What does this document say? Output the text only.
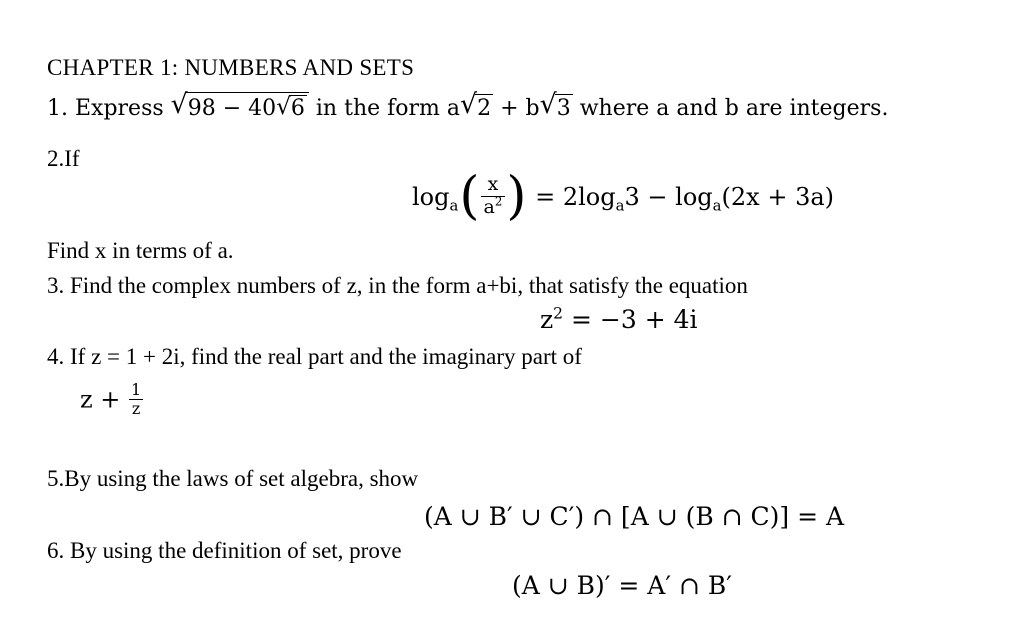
CHAPTER 1: NUMBERS AND SETS
1. Express √98 − 40√6 in the form a√2 + b√3 where a and b are integers.
2.If
$\log_a( \frac{x}{a^2}$ ) = $2\log_a3 - \log_a(2x + 3a)$
Find x in terms of a.
3. Find the complex numbers of z, in the form a+bi, that satisfy the equation
$z^2 = -3 + 4i$
4. If z = 1 + 2i, find the real part and the imaginary part of
$z + \frac{1}{z}$
5.By using the laws of set algebra, show
(A ∪ B′ ∪ C′) ∩ [A ∪ (B ∩ C)] = A
6. By using the definition of set, prove
(A ∪ B)′ = A′ ∩ B′
